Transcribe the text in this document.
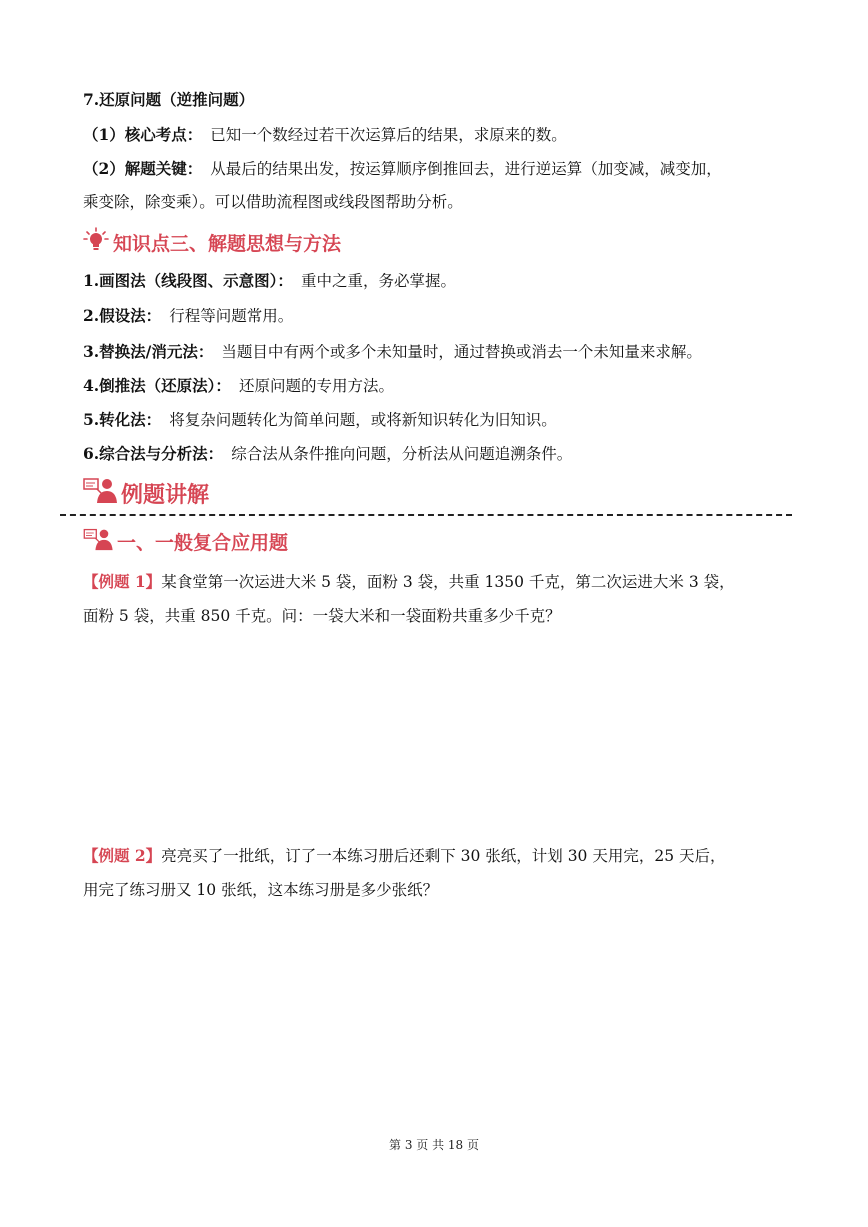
7.还原问题（逆推问题）
（1）核心考点： 已知一个数经过若干次运算后的结果，求原来的数。
（2）解题关键： 从最后的结果出发，按运算顺序倒推回去，进行逆运算（加变减，减变加，
乘变除，除变乘）。可以借助流程图或线段图帮助分析。
知识点三、解题思想与方法
1.画图法（线段图、示意图）： 重中之重，务必掌握。
2.假设法： 行程等问题常用。
3.替换法/消元法： 当题目中有两个或多个未知量时，通过替换或消去一个未知量来求解。
4.倒推法（还原法）： 还原问题的专用方法。
5.转化法： 将复杂问题转化为简单问题，或将新知识转化为旧知识。
6.综合法与分析法： 综合法从条件推向问题，分析法从问题追溯条件。
例题讲解
一、一般复合应用题
【例题 1】某食堂第一次运进大米 5 袋，面粉 3 袋，共重 1350 千克，第二次运进大米 3 袋，
面粉 5 袋，共重 850 千克。问：一袋大米和一袋面粉共重多少千克？
【例题 2】亮亮买了一批纸，订了一本练习册后还剩下 30 张纸，计划 30 天用完，25 天后，
用完了练习册又 10 张纸，这本练习册是多少张纸？
第 3 页 共 18 页
